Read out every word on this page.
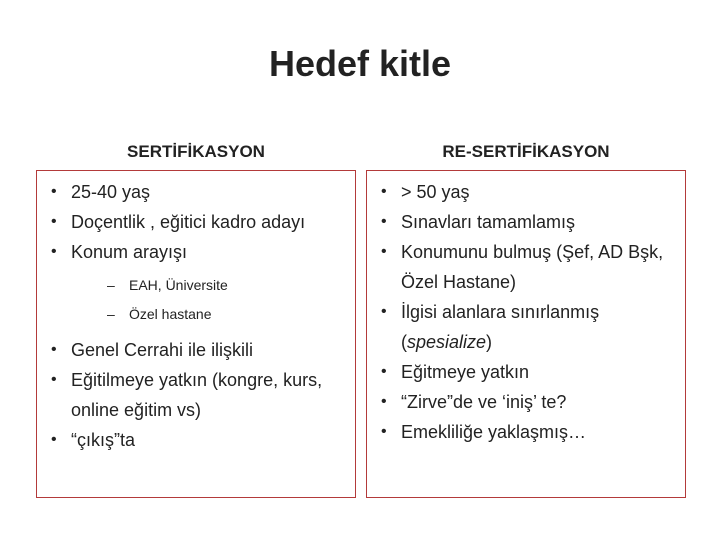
Hedef kitle
SERTİFİKASYON	RE-SERTİFİKASYON
• 25-40 yaş
• Doçentlik , eğitici kadro adayı
• Konum arayışı
– EAH, Üniversite
– Özel hastane
• Genel Cerrahi ile ilişkili
• Eğitilmeye yatkın (kongre, kurs, online eğitim vs)
• “çıkış”ta
• > 50 yaş
• Sınavları tamamlamış
• Konumunu bulmuş (Şef, AD Bşk, Özel Hastane)
• İlgisi alanlara sınırlanmış (spesialize)
• Eğitmeye yatkın
• “Zirve”de ve ‘iniş’ te?
• Emekliliğe yaklaşmış…
